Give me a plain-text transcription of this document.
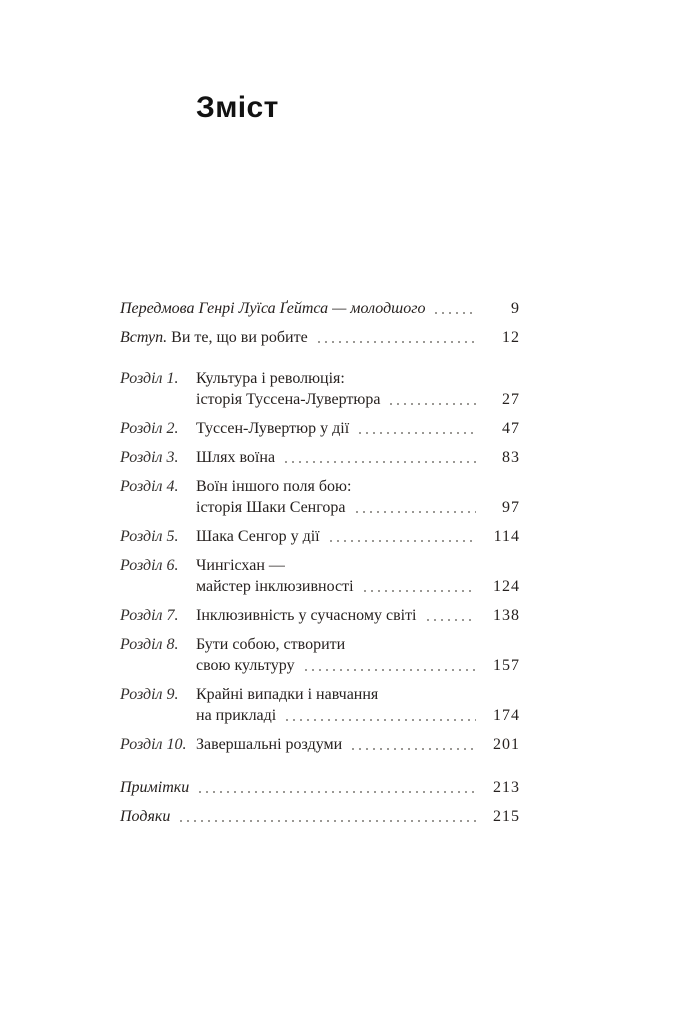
Зміст
Передмова Генрі Луїса Ґейтса — молодшого	9
Вступ. Ви те, що ви робите	12
Розділ 1.	Культура і революція:
історія Туссена-Лувертюра	27
Розділ 2.	Туссен-Лувертюр у дії	47
Розділ 3.	Шлях воїна	83
Розділ 4.	Воїн іншого поля бою:
історія Шаки Сенгора	97
Розділ 5.	Шака Сенгор у дії	114
Розділ 6.	Чингісхан —
майстер інклюзивності	124
Розділ 7.	Інклюзивність у сучасному світі	138
Розділ 8.	Бути собою, створити
свою культуру	157
Розділ 9.	Крайні випадки і навчання
на прикладі	174
Розділ 10. Завершальні роздуми	201
Примітки	213
Подяки	215
